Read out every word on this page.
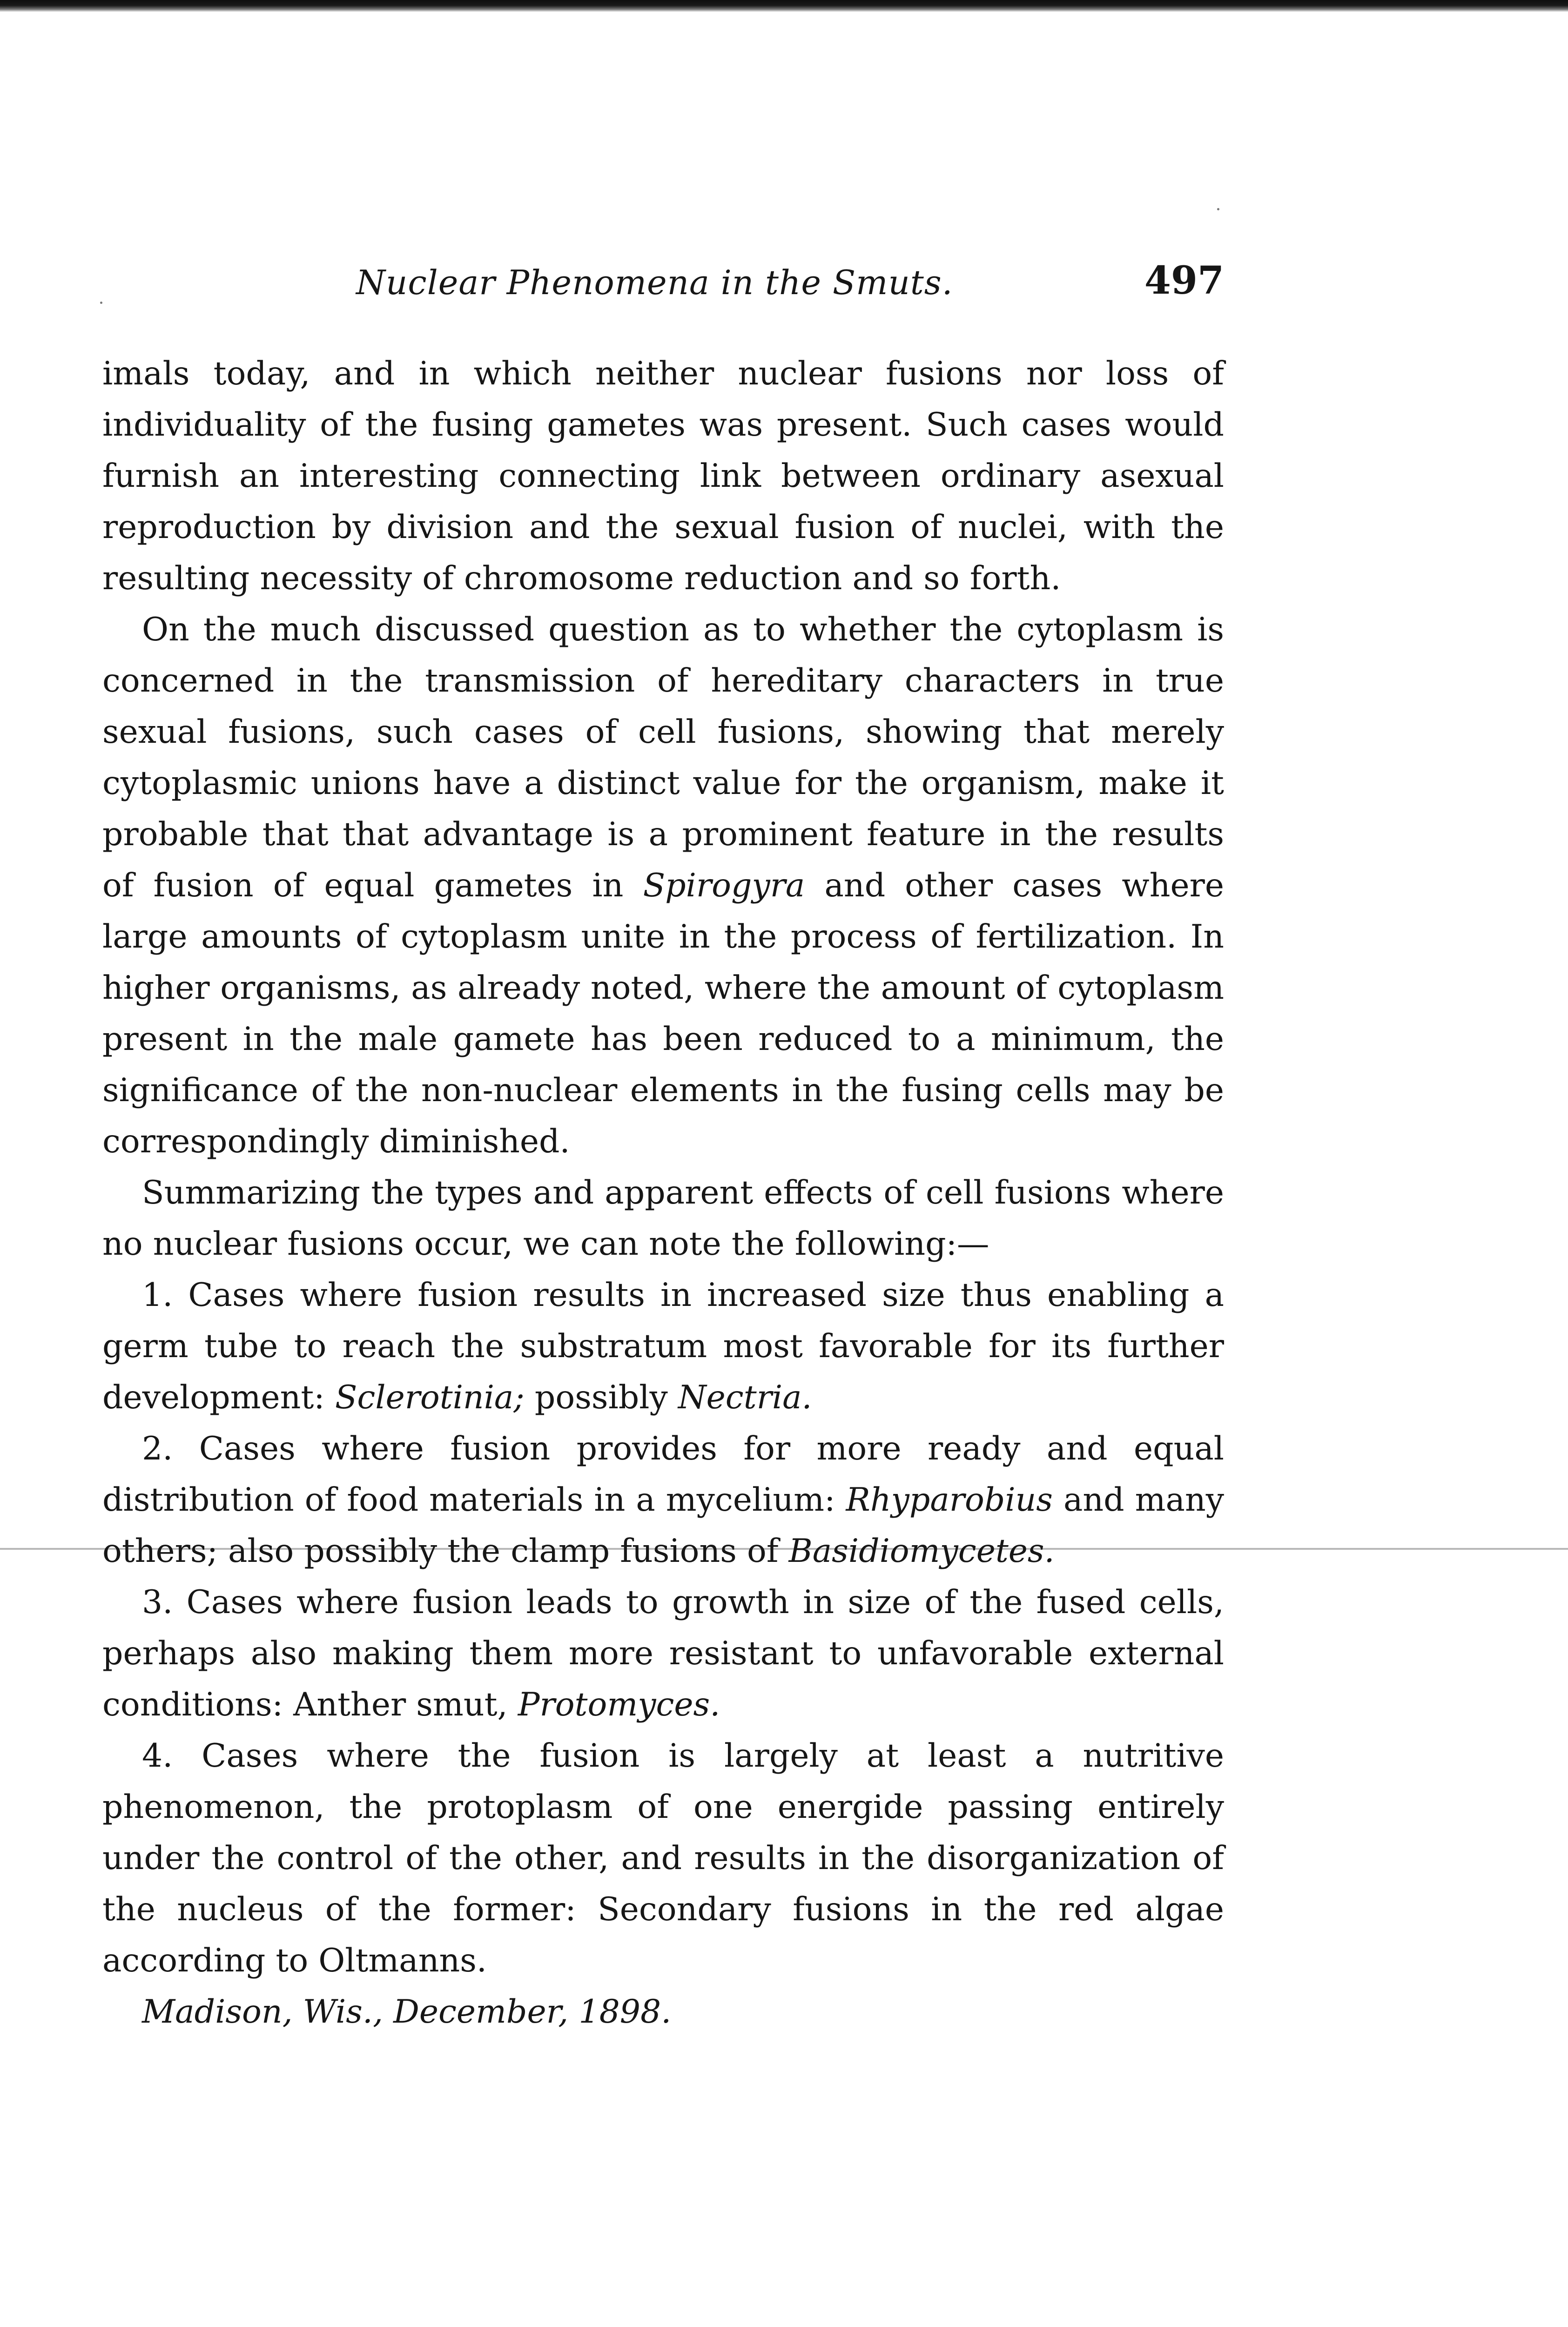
Nuclear Phenomena in the Smuts.	497

imals today, and in which neither nuclear fusions nor loss of individuality of the fusing gametes was present. Such cases would furnish an interesting connecting link between ordinary asexual reproduction by division and the sexual fusion of nuclei, with the resulting necessity of chromosome reduction and so forth.

On the much discussed question as to whether the cytoplasm is concerned in the transmission of hereditary characters in true sexual fusions, such cases of cell fusions, showing that merely cytoplasmic unions have a distinct value for the organism, make it probable that that advantage is a prominent feature in the results of fusion of equal gametes in Spirogyra and other cases where large amounts of cytoplasm unite in the process of fertilization. In higher organisms, as already noted, where the amount of cytoplasm present in the male gamete has been reduced to a minimum, the significance of the non-nuclear elements in the fusing cells may be correspondingly diminished.

Summarizing the types and apparent effects of cell fusions where no nuclear fusions occur, we can note the following:—

1. Cases where fusion results in increased size thus enabling a germ tube to reach the substratum most favorable for its further development: Sclerotinia; possibly Nectria.

2. Cases where fusion provides for more ready and equal distribution of food materials in a mycelium: Rhyparobius and many others; also possibly the clamp fusions of Basidiomycetes.

3. Cases where fusion leads to growth in size of the fused cells, perhaps also making them more resistant to unfavorable external conditions: Anther smut, Protomyces.

4. Cases where the fusion is largely at least a nutritive phenomenon, the protoplasm of one energide passing entirely under the control of the other, and results in the disorganization of the nucleus of the former: Secondary fusions in the red algae according to Oltmanns.

Madison, Wis., December, 1898.
